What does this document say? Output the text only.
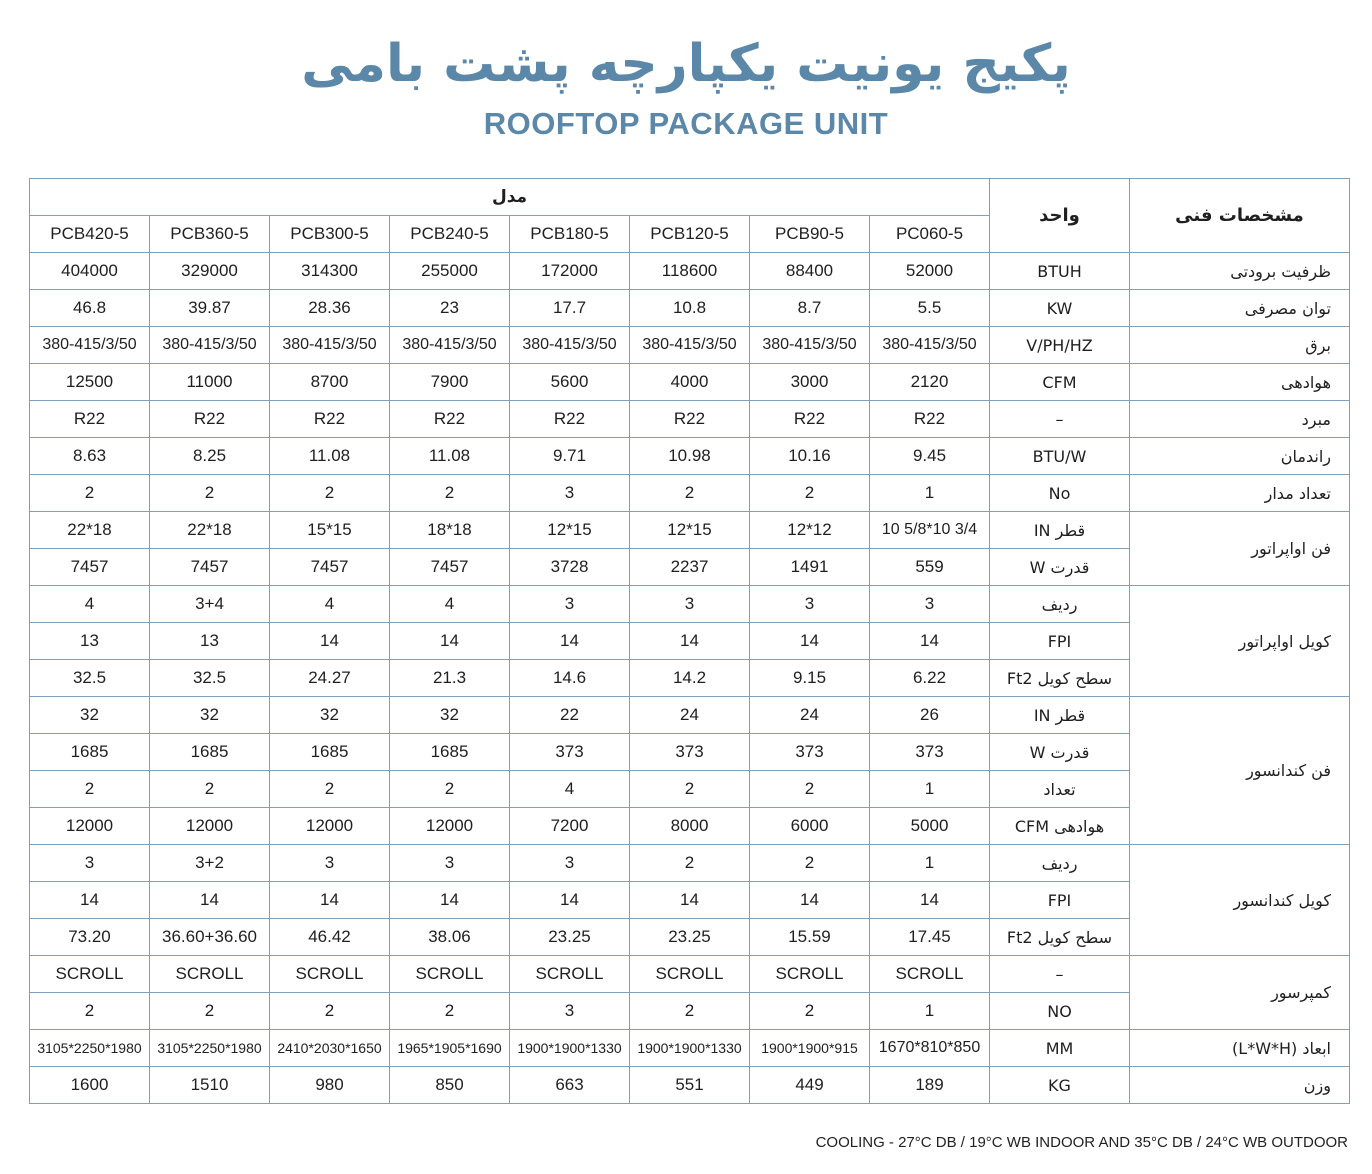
پکیج یونیت یکپارچه پشت بامی
ROOFTOP PACKAGE UNIT
مدل								واحد	مشخصات فنی
PCB420-5	PCB360-5	PCB300-5	PCB240-5	PCB180-5	PCB120-5	PCB90-5	PC060-5		
404000	329000	314300	255000	172000	118600	88400	52000	BTUH	ظرفیت برودتی
46.8	39.87	28.36	23	17.7	10.8	8.7	5.5	KW	توان مصرفی
380-415/3/50	380-415/3/50	380-415/3/50	380-415/3/50	380-415/3/50	380-415/3/50	380-415/3/50	380-415/3/50	V/PH/HZ	برق
12500	11000	8700	7900	5600	4000	3000	2120	CFM	هوادهی
R22	R22	R22	R22	R22	R22	R22	R22	–	مبرد
8.63	8.25	11.08	11.08	9.71	10.98	10.16	9.45	BTU/W	راندمان
2	2	2	2	3	2	2	1	No	تعداد مدار
22*18	22*18	15*15	18*18	12*15	12*15	12*12	10 5/8*10 3/4	قطر IN	فن اواپراتور
7457	7457	7457	7457	3728	2237	1491	559	قدرت W	
4	3+4	4	4	3	3	3	3	ردیف	کویل اواپراتور
13	13	14	14	14	14	14	14	FPI	
32.5	32.5	24.27	21.3	14.6	14.2	9.15	6.22	سطح کویل Ft2	
32	32	32	32	22	24	24	26	قطر IN	فن کندانسور
1685	1685	1685	1685	373	373	373	373	قدرت W	
2	2	2	2	4	2	2	1	تعداد	
12000	12000	12000	12000	7200	8000	6000	5000	هوادهی CFM	
3	3+2	3	3	3	2	2	1	ردیف	کویل کندانسور
14	14	14	14	14	14	14	14	FPI	
73.20	36.60+36.60	46.42	38.06	23.25	23.25	15.59	17.45	سطح کویل Ft2	
SCROLL	SCROLL	SCROLL	SCROLL	SCROLL	SCROLL	SCROLL	SCROLL	–	کمپرسور
2	2	2	2	3	2	2	1	NO	
3105*2250*1980	3105*2250*1980	2410*2030*1650	1965*1905*1690	1900*1900*1330	1900*1900*1330	1900*1900*915	1670*810*850	MM	ابعاد (L*W*H)
1600	1510	980	850	663	551	449	189	KG	وزن
COOLING - 27°C DB / 19°C WB INDOOR AND 35°C DB / 24°C WB OUTDOOR
